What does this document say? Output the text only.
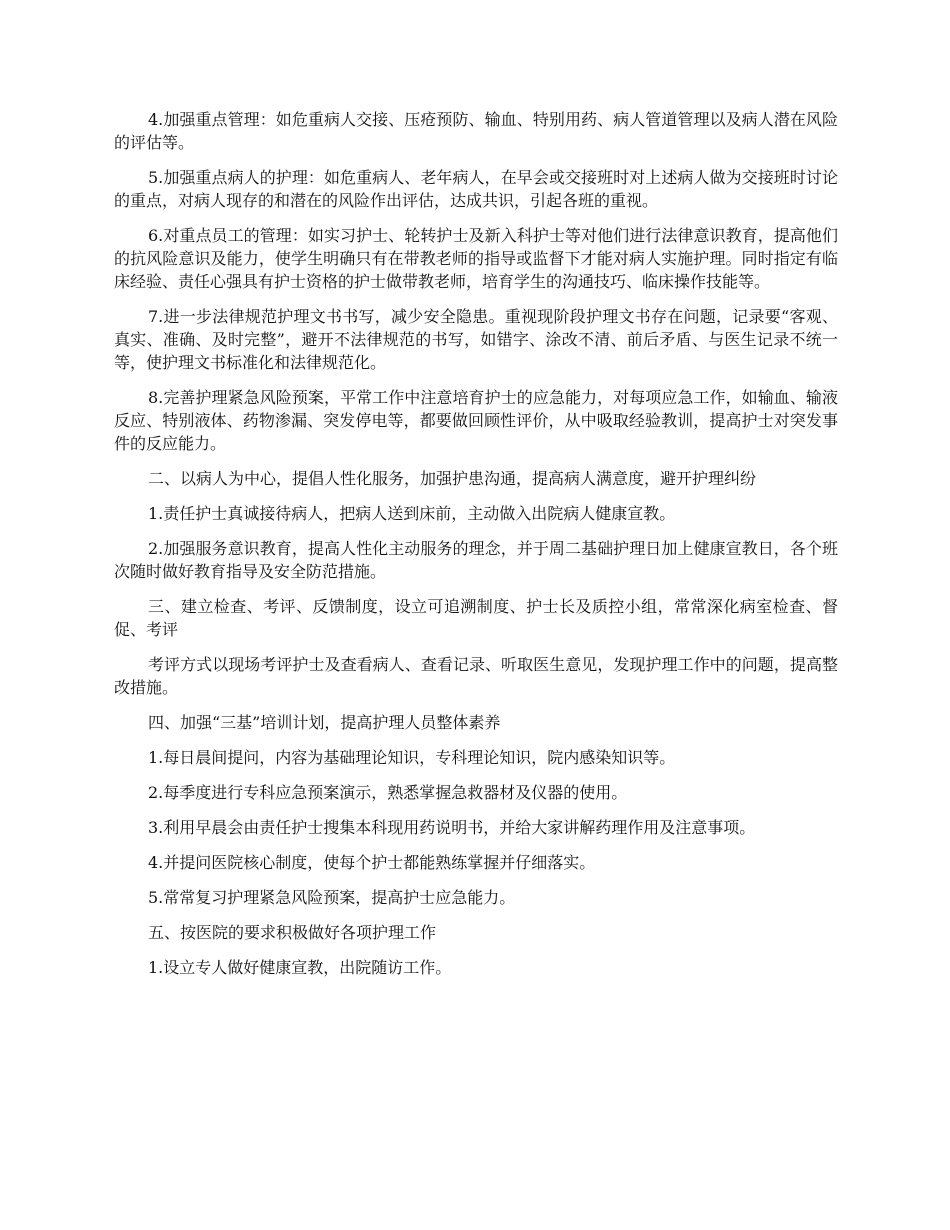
4.加强重点管理：如危重病人交接、压疮预防、输血、特别用药、病人管道管理以及病人潜在风险的评估等。

5.加强重点病人的护理：如危重病人、老年病人，在早会或交接班时对上述病人做为交接班时讨论的重点，对病人现存的和潜在的风险作出评估，达成共识，引起各班的重视。

6.对重点员工的管理：如实习护士、轮转护士及新入科护士等对他们进行法律意识教育，提高他们的抗风险意识及能力，使学生明确只有在带教老师的指导或监督下才能对病人实施护理。同时指定有临床经验、责任心强具有护士资格的护士做带教老师，培育学生的沟通技巧、临床操作技能等。

7.进一步法律规范护理文书书写，减少安全隐患。重视现阶段护理文书存在问题，记录要“客观、真实、准确、及时完整”，避开不法律规范的书写，如错字、涂改不清、前后矛盾、与医生记录不统一等，使护理文书标准化和法律规范化。

8.完善护理紧急风险预案，平常工作中注意培育护士的应急能力，对每项应急工作，如输血、输液反应、特别液体、药物渗漏、突发停电等，都要做回顾性评价，从中吸取经验教训，提高护士对突发事件的反应能力。

二、以病人为中心，提倡人性化服务，加强护患沟通，提高病人满意度，避开护理纠纷

1.责任护士真诚接待病人，把病人送到床前，主动做入出院病人健康宣教。

2.加强服务意识教育，提高人性化主动服务的理念，并于周二基础护理日加上健康宣教日，各个班次随时做好教育指导及安全防范措施。

三、建立检查、考评、反馈制度，设立可追溯制度、护士长及质控小组，常常深化病室检查、督促、考评

考评方式以现场考评护士及查看病人、查看记录、听取医生意见，发现护理工作中的问题，提高整改措施。

四、加强“三基”培训计划，提高护理人员整体素养

1.每日晨间提问，内容为基础理论知识，专科理论知识，院内感染知识等。

2.每季度进行专科应急预案演示，熟悉掌握急救器材及仪器的使用。

3.利用早晨会由责任护士搜集本科现用药说明书，并给大家讲解药理作用及注意事项。

4.并提问医院核心制度，使每个护士都能熟练掌握并仔细落实。

5.常常复习护理紧急风险预案，提高护士应急能力。

五、按医院的要求积极做好各项护理工作

1.设立专人做好健康宣教，出院随访工作。
